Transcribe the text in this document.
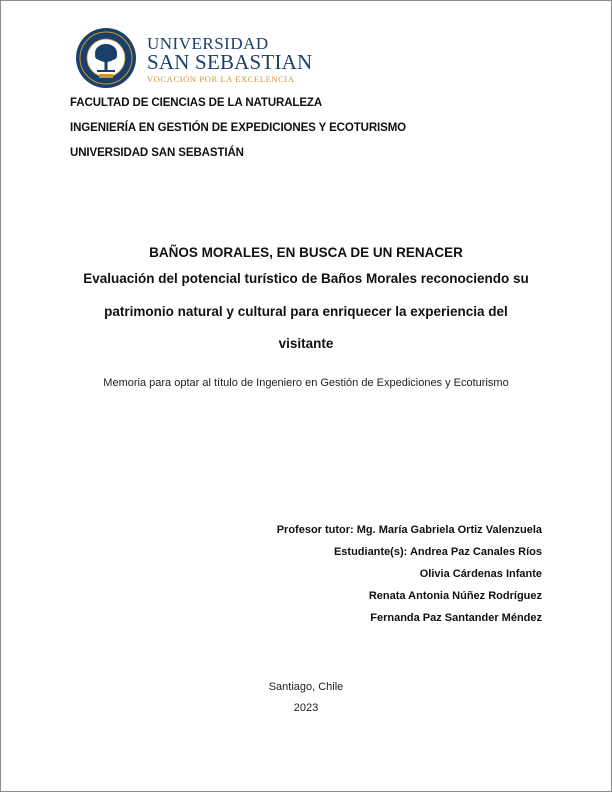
UNIVERSIDAD
SAN SEBASTIAN
VOCACIÓN POR LA EXCELENCIA
FACULTAD DE CIENCIAS DE LA NATURALEZA
INGENIERÍA EN GESTIÓN DE EXPEDICIONES Y ECOTURISMO
UNIVERSIDAD SAN SEBASTIÁN
BAÑOS MORALES, EN BUSCA DE UN RENACER
Evaluación del potencial turístico de Baños Morales reconociendo su
patrimonio natural y cultural para enriquecer la experiencia del
visitante
Memoria para optar al título de Ingeniero en Gestión de Expediciones y Ecoturismo
Profesor tutor: Mg. María Gabriela Ortiz Valenzuela
Estudiante(s): Andrea Paz Canales Ríos
Olivia Cárdenas Infante
Renata Antonia Núñez Rodríguez
Fernanda Paz Santander Méndez
Santiago, Chile
2023
